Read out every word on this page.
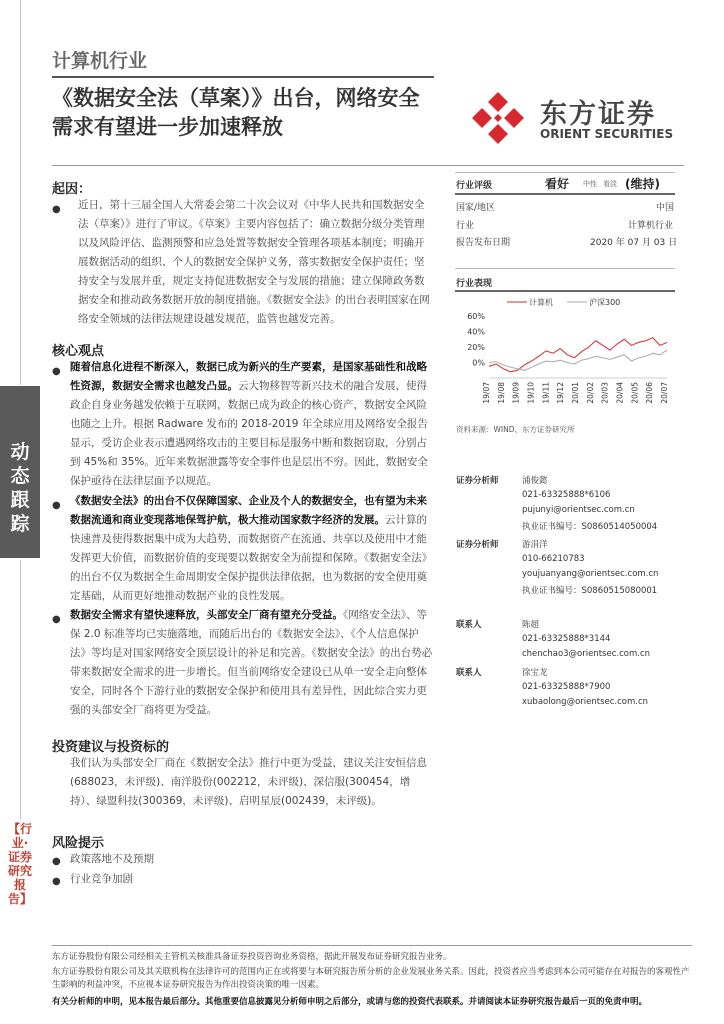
动态跟踪
【行业·证券研究报告】
计算机行业
《数据安全法（草案）》出台，网络安全需求有望进一步加速释放	东方证券
ORIENT SECURITIES
起因：
● 近日，第十三届全国人大常委会第二十次会议对《中华人民共和国数据安全法（草案）》进行了审议。《草案》主要内容包括了：确立数据分级分类管理以及风险评估、监测预警和应急处置等数据安全管理各项基本制度；明确开展数据活动的组织、个人的数据安全保护义务，落实数据安全保护责任；坚持安全与发展并重，规定支持促进数据安全与发展的措施；建立保障政务数据安全和推动政务数据开放的制度措施。《数据安全法》的出台表明国家在网络安全领域的法律法规建设越发规范，监管也越发完善。
核心观点
● 随着信息化进程不断深入，数据已成为新兴的生产要素，是国家基础性和战略性资源，数据安全需求也越发凸显。云大物移智等新兴技术的融合发展，使得政企自身业务越发依赖于互联网，数据已成为政企的核心资产，数据安全风险也随之上升。根据 Radware 发布的 2018-2019 年全球应用及网络安全报告显示，受访企业表示遭遇网络攻击的主要目标是服务中断和数据窃取，分别占到 45%和 35%。近年来数据泄露等安全事件也是层出不穷。因此，数据安全保护亟待在法律层面予以规范。
● 《数据安全法》的出台不仅保障国家、企业及个人的数据安全，也有望为未来数据流通和商业变现落地保驾护航，极大推动国家数字经济的发展。云计算的快速普及使得数据集中成为大趋势，而数据资产在流通、共享以及使用中才能发挥更大价值，而数据价值的变现要以数据安全为前提和保障。《数据安全法》的出台不仅为数据全生命周期安全保护提供法律依据，也为数据的安全使用奠定基础，从而更好地推动数据产业的良性发展。
● 数据安全需求有望快速释放，头部安全厂商有望充分受益。《网络安全法》、等保 2.0 标准等均已实施落地，而随后出台的《数据安全法》、《个人信息保护法》等均是对国家网络安全顶层设计的补足和完善。《数据安全法》的出台势必带来数据安全需求的进一步增长。但当前网络安全建设已从单一安全走向整体安全，同时各个下游行业的数据安全保护和使用具有差异性，因此综合实力更强的头部安全厂商将更为受益。
投资建议与投资标的
我们认为头部安全厂商在《数据安全法》推行中更为受益，建议关注安恒信息(688023，未评级)、南洋股份(002212，未评级)、深信服(300454，增持）、绿盟科技(300369，未评级)、启明星辰(002439，未评级)。
风险提示
● 政策落地不及预期
● 行业竞争加剧
行业评级	看好 中性 看淡 (维持)
国家/地区	中国
行业	计算机行业
报告发布日期	2020 年 07 月 03 日
行业表现
计算机	沪深300
60%
40%
20%
0%
19/07 19/08 19/09 19/10 19/11 19/12 20/01 20/02 20/03 20/04 20/05 20/06 20/07
资料来源：WIND、东方证券研究所
证券分析师	浦俊懿
021-63325888*6106
pujunyi@orientsec.com.cn
执业证书编号：S0860514050004
证券分析师	游涓洋
010-66210783
youjuanyang@orientsec.com.cn
执业证书编号：S0860515080001
联系人	陈超
021-63325888*3144
chenchao3@orientsec.com.cn
联系人	徐宝龙
021-63325888*7900
xubaolong@orientsec.com.cn
东方证券股份有限公司经相关主管机关核准具备证券投资咨询业务资格，据此开展发布证券研究报告业务。
东方证券股份有限公司及其关联机构在法律许可的范围内正在或将要与本研究报告所分析的企业发展业务关系。因此，投资者应当考虑到本公司可能存在对报告的客观性产生影响的利益冲突，不应视本证券研究报告为作出投资决策的唯一因素。
有关分析师的申明，见本报告最后部分。其他重要信息披露见分析师申明之后部分，或请与您的投资代表联系。并请阅读本证券研究报告最后一页的免责申明。
